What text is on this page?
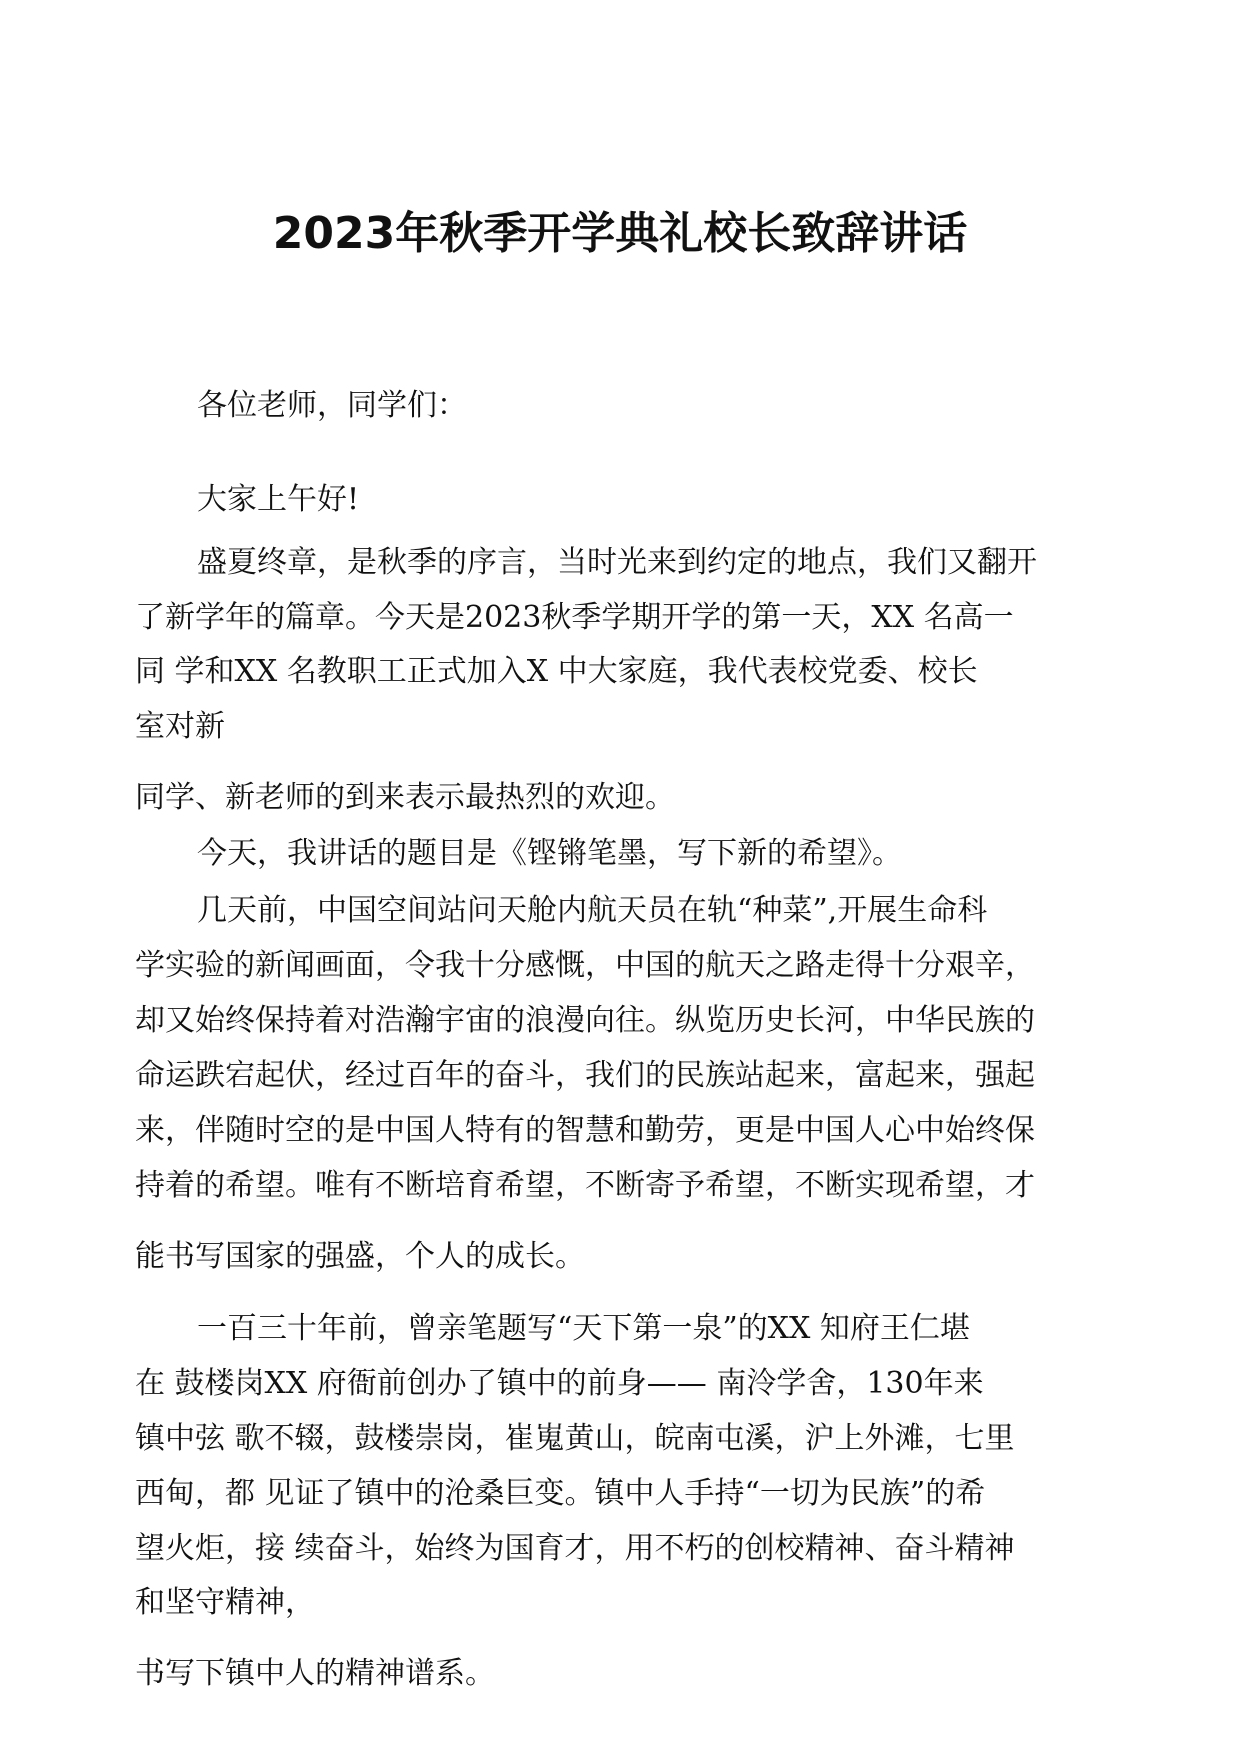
2023年秋季开学典礼校长致辞讲话
各位老师，同学们：
大家上午好!
盛夏终章，是秋季的序言，当时光来到约定的地点，我们又翻开
了新学年的篇章。今天是2023秋季学期开学的第一天，XX 名高一
同 学和XX 名教职工正式加入X 中大家庭，我代表校党委、校长
室对新
同学、新老师的到来表示最热烈的欢迎。
今天，我讲话的题目是《铿锵笔墨，写下新的希望》。
几天前，中国空间站问天舱内航天员在轨“种菜”,开展生命科
学实验的新闻画面，令我十分感慨，中国的航天之路走得十分艰辛，
却又始终保持着对浩瀚宇宙的浪漫向往。纵览历史长河，中华民族的
命运跌宕起伏，经过百年的奋斗，我们的民族站起来，富起来，强起
来，伴随时空的是中国人特有的智慧和勤劳，更是中国人心中始终保
持着的希望。唯有不断培育希望，不断寄予希望，不断实现希望，才
能书写国家的强盛，个人的成长。
一百三十年前，曾亲笔题写“天下第一泉”的XX 知府王仁堪
在 鼓楼岗XX 府衙前创办了镇中的前身—— 南泠学舍，130年来
镇中弦 歌不辍，鼓楼崇岗，崔嵬黄山，皖南屯溪，沪上外滩，七里
西甸，都 见证了镇中的沧桑巨变。镇中人手持“一切为民族”的希
望火炬，接 续奋斗，始终为国育才，用不朽的创校精神、奋斗精神
和坚守精神，
书写下镇中人的精神谱系。
